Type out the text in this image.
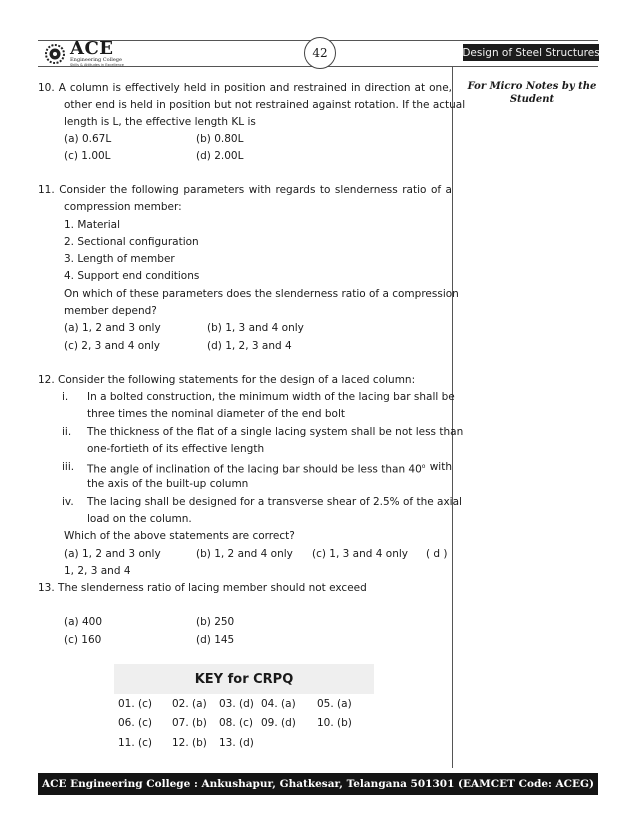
ACE
Engineering College
Skills & Attitudes in Excellence
42	Design of Steel Structures
For Micro Notes by the Student
10. A column is effectively held in position and restrained in direction at one,
other end is held in position but not restrained against rotation. If the actual
length is L, the effective length KL is
(a) 0.67L	(b) 0.80L
(c) 1.00L	(d) 2.00L
11. Consider the following parameters with regards to slenderness ratio of a
compression member:
1. Material
2. Sectional configuration
3. Length of member
4. Support end conditions
On which of these parameters does the slenderness ratio of a compression
member depend?
(a) 1, 2 and 3 only	(b) 1, 3 and 4 only
(c) 2, 3 and 4 only	(d) 1, 2, 3 and 4
12. Consider the following statements for the design of a laced column:
i. In a bolted construction, the minimum width of the lacing bar shall be
three times the nominal diameter of the end bolt
ii. The thickness of the flat of a single lacing system shall be not less than
one-fortieth of its effective length
iii. The angle of inclination of the lacing bar should be less than 40$^o$ with
the axis of the built-up column
iv. The lacing shall be designed for a transverse shear of 2.5% of the axial
load on the column.
Which of the above statements are correct?
(a) 1, 2 and 3 only	(b) 1, 2 and 4 only (c) 1, 3 and 4 only ( d )
1, 2, 3 and 4
13. The slenderness ratio of lacing member should not exceed
(a) 400	(b) 250
(c) 160	(d) 145
KEY for CRPQ
01. (c) 02. (a) 03. (d) 04. (a) 05. (a)
06. (c) 07. (b) 08. (c) 09. (d) 10. (b)
11. (c) 12. (b) 13. (d)
ACE Engineering College : Ankushapur, Ghatkesar, Telangana 501301 (EAMCET Code: ACEG)
